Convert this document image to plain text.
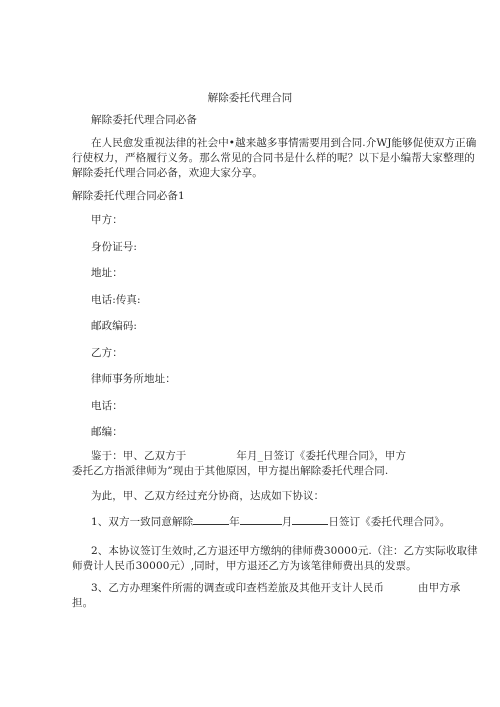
解除委托代理合同
解除委托代理合同必备
在人民愈发重视法律的社会中•越来越多事情需要用到合同.介WJ能够促使双方正确
行使权力，严格履行义务。那么常见的合同书是什么样的呢？以下是小编帮大家整理的
解除委托代理合同必备，欢迎大家分享。
解除委托代理合同必备1
甲方：
身份证号:
地址：
电话:传真:
邮政编码:
乙方：
律师事务所地址：
电话：
邮编：
鉴于：甲、乙双方于	年月_日签订《委托代理合同》，甲方
委托乙方指派律师为”现由于其他原因，甲方提出解除委托代理合同.
为此，甲、乙双方经过充分协商，达成如下协议：
1、双方一致同意解除	年	月	日签订《委托代理合同》。
2、本协议签订生效时,乙方退还甲方缴纳的律师费30000元.（注：乙方实际收取律
师费计人民币30000元）,同时，甲方退还乙方为该笔律师费出具的发票。
3、乙方办理案件所需的调查或印查档差旅及其他开支计人民币	由甲方承
担。
